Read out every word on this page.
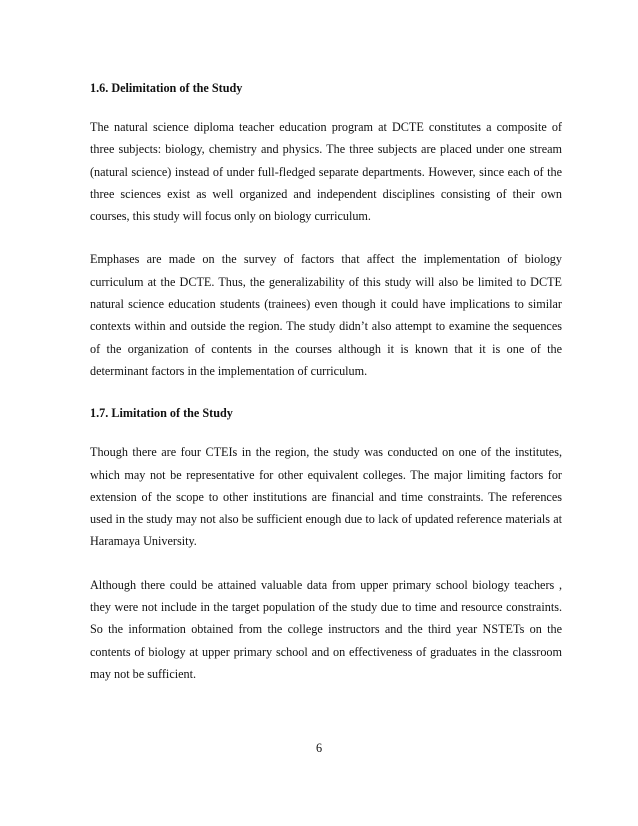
1.6. Delimitation of the Study

The natural science diploma teacher education program at DCTE constitutes a composite of three subjects: biology, chemistry and physics. The three subjects are placed under one stream (natural science) instead of under full-fledged separate departments. However, since each of the three sciences exist as well organized and independent disciplines consisting of their own courses, this study will focus only on biology curriculum.

Emphases are made on the survey of factors that affect the implementation of biology curriculum at the DCTE. Thus, the generalizability of this study will also be limited to DCTE natural science education students (trainees) even though it could have implications to similar contexts within and outside the region. The study didn’t also attempt to examine the sequences of the organization of contents in the courses although it is known that it is one of the determinant factors in the implementation of curriculum.

1.7. Limitation of the Study

Though there are four CTEIs in the region, the study was conducted on one of the institutes, which may not be representative for other equivalent colleges. The major limiting factors for extension of the scope to other institutions are financial and time constraints. The references used in the study may not also be sufficient enough due to lack of updated reference materials at Haramaya University.

Although there could be attained valuable data from upper primary school biology teachers , they were not include in the target population of the study due to time and resource constraints. So the information obtained from the college instructors and the third year NSTETs on the contents of biology at upper primary school and on effectiveness of graduates in the classroom may not be sufficient.

6
